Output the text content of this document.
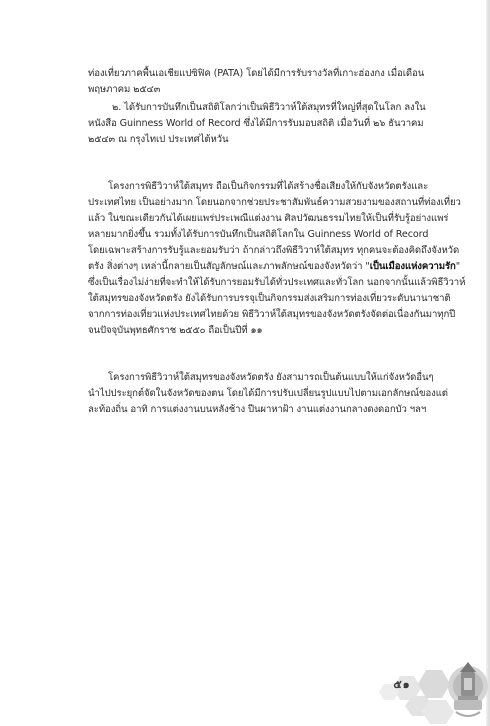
ท่องเที่ยวภาคพื้นเอเชียแปซิฟิค (PATA) โดยได้มีการรับรางวัลที่เกาะฮ่องกง เมื่อเดือน
พฤษภาคม ๒๕๔๓
๒. ได้รับการบันทึกเป็นสถิติโลกว่าเป็นพิธีวิวาห์ใต้สมุทรที่ใหญ่ที่สุดในโลก ลงใน
หนังสือ Guinness World of Record ซึ่งได้มีการรับมอบสถิติ เมื่อวันที่ ๒๖ ธันวาคม
๒๕๔๓ ณ กรุงไทเป ประเทศไต้หวัน
โครงการพิธีวิวาห์ใต้สมุทร ถือเป็นกิจกรรมที่ได้สร้างชื่อเสียงให้กับจังหวัดตรังและ
ประเทศไทย เป็นอย่างมาก โดยนอกจากช่วยประชาสัมพันธ์ความสวยงามของสถานที่ท่องเที่ยว
แล้ว ในขณะเดียวกันได้เผยแพร่ประเพณีแต่งงาน ศิลปวัฒนธรรมไทยให้เป็นที่รับรู้อย่างแพร่
หลายมากยิ่งขึ้น รวมทั้งได้รับการบันทึกเป็นสถิติโลกใน Guinness World of Record
โดยเฉพาะสร้างการรับรู้และยอมรับว่า ถ้ากล่าวถึงพิธีวิวาห์ใต้สมุทร ทุกคนจะต้องคิดถึงจังหวัด
ตรัง สิ่งต่างๆ เหล่านี้กลายเป็นสัญลักษณ์และภาพลักษณ์ของจังหวัดว่า "เป็นเมืองแห่งความรัก"
ซึ่งเป็นเรื่องไม่ง่ายที่จะทำให้ได้รับการยอมรับได้ทั่วประเทศและทั่วโลก นอกจากนั้นแล้วพิธีวิวาห์
ใต้สมุทรของจังหวัดตรัง ยังได้รับการบรรจุเป็นกิจกรรมส่งเสริมการท่องเที่ยวระดับนานาชาติ
จากการท่องเที่ยวแห่งประเทศไทยด้วย พิธีวิวาห์ใต้สมุทรของจังหวัดตรังจัดต่อเนื่องกันมาทุกปี
จนปัจจุบันพุทธศักราช ๒๕๕๐ ถือเป็นปีที่ ๑๑
โครงการพิธีวิวาห์ใต้สมุทรของจังหวัดตรัง ยังสามารถเป็นต้นแบบให้แก่จังหวัดอื่นๆ
นำไปประยุกต์จัดในจังหวัดของตน โดยได้มีการปรับเปลี่ยนรูปแบบไปตามเอกลักษณ์ของแต่
ละท้องถิ่น อาทิ การแต่งงานบนหลังช้าง ปีนผาหาฝ้า งานแต่งงานกลางดงดอกบัว ฯลฯ
๕๑
